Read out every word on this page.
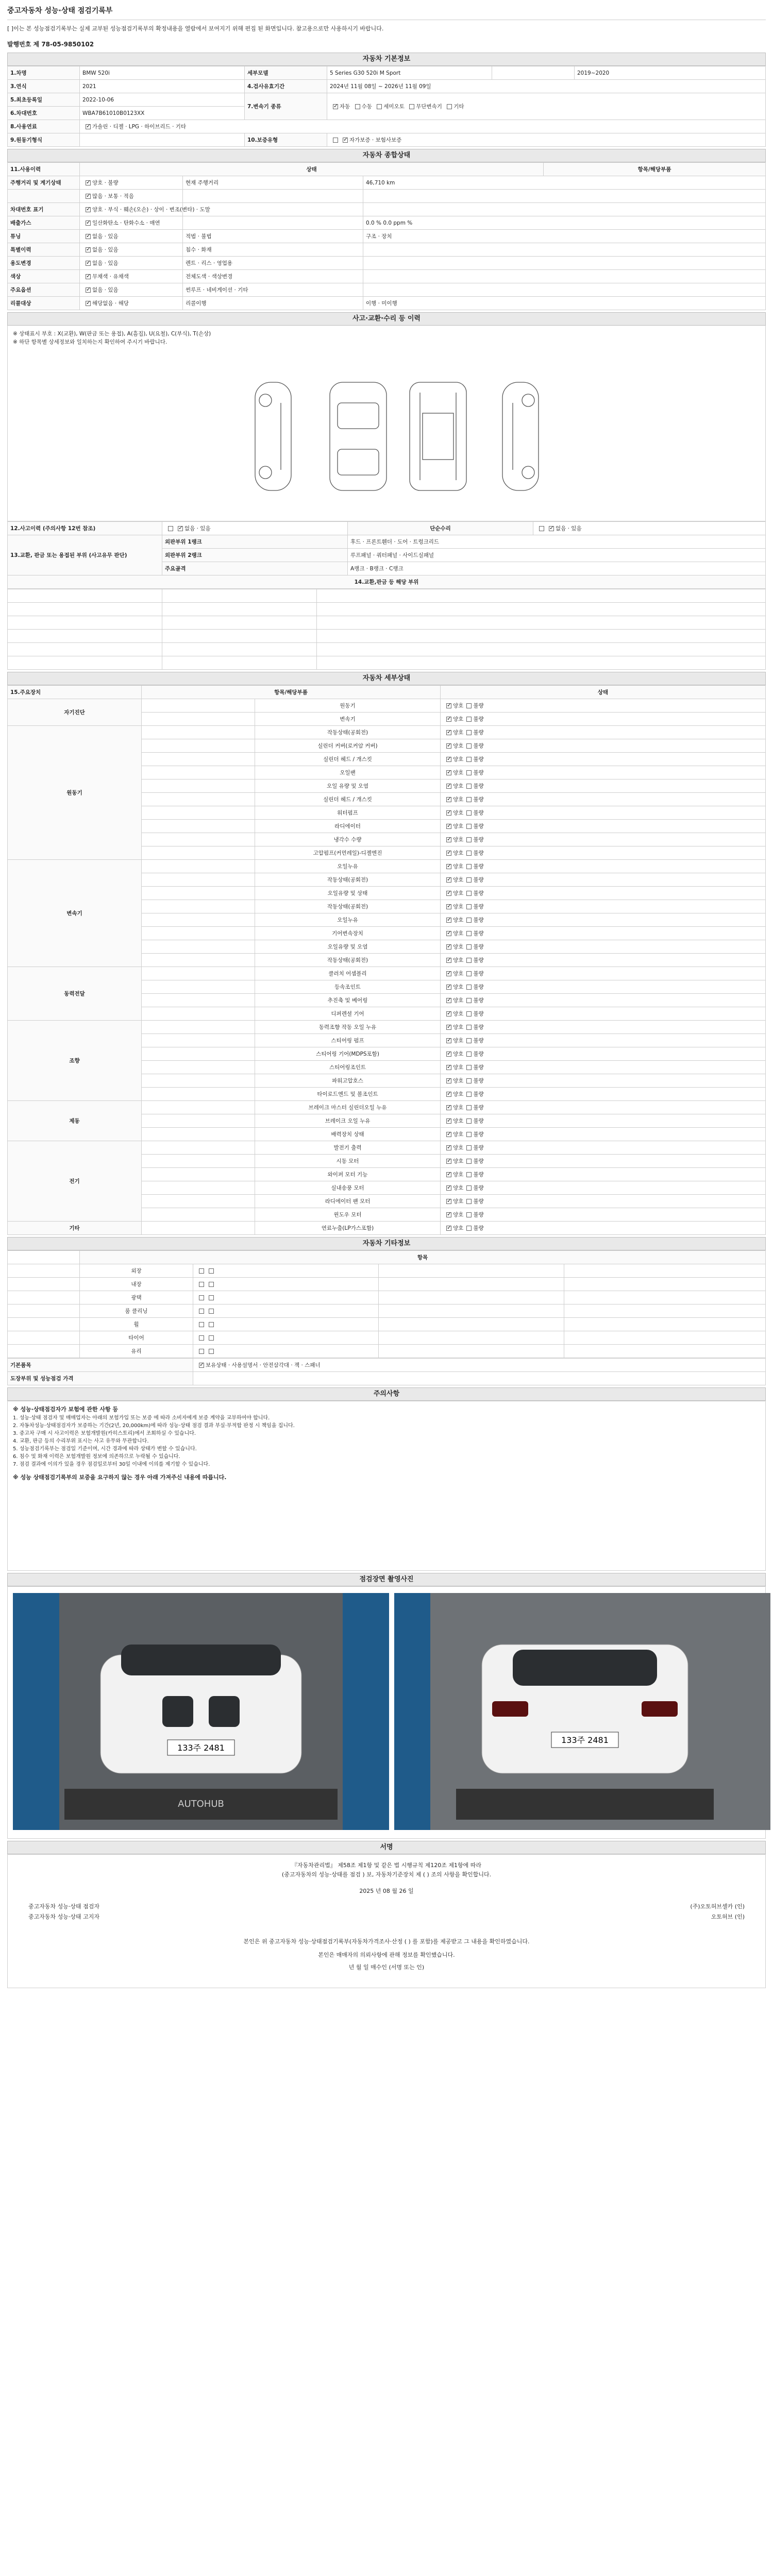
중고자동차 성능·상태 점검기록부
[ ]이는 본 성능점검기록부는 실제 교부된 성능점검기록부의 확정내용을 열람에서 보여지기 위해 편집 된 화면입니다. 참고용으로만 사용하시기 바랍니다.
발행번호 제 78-05-9850102
자동차 기본정보
1.차명	BMW 520i	세부모델	5 Series G30 520i M Sport		2019~2020
3.연식	2021	4.검사유효기간	2024년 11월 08일 ~ 2026년 11월 09일		
5.최초등록일	2022-10-06	7.변속기 종류	✓자동 수동 세미오토 무단변속기 기타
6.차대번호	WBA7B61010B0123XX				
8.사용연료	✓가솔린 · 디젤 · LPG · 하이브리드 · 기타
9.원동기형식		10.보증유형	✓자가보증 · 보험사보증
자동차 종합상태
11.사용이력	상태			항목/해당부품
주행거리 및 계기상태	✓양호 · 불량	현재 주행거리	46,710 km	
	✓많음 · 보통 · 적음		
차대번호 표기	✓양호 · 부식 · 훼손(오손) · 상이 · 변조(변타) · 도말		
배출가스	✓일산화탄소 · 탄화수소 · 매연		0.0 % 0.0 ppm %	
튜닝	✓없음 · 있음	적법 · 불법	구조 · 장치	
특별이력	✓없음 · 있음	침수 · 화재		
용도변경	✓없음 · 있음	렌트 · 리스 · 영업용		
색상	✓무채색 · 유채색	전체도색 · 색상변경		
주요옵션	✓없음 · 있음	썬루프 · 네비게이션 · 기타		
리콜대상	✓해당없음 · 해당	리콜이행	이행 · 미이행	
사고·교환·수리 등 이력
※ 상태표시 부호 : X(교환), W(판금 또는 용접), A(흠집), U(요철), C(부식), T(손상)
※ 하단 항목별 상세정보와 일치하는지 확인하여 주시기 바랍니다.
12.사고이력 (주의사항 12번 참조)	✓없음 · 있음	단순수리	✓없음 · 있음
13.교환, 판금 또는 용접된 부위 (사고유무 판단)	외판부위 1랭크	후드 · 프론트휀더 · 도어 · 트렁크리드	
	외판부위 2랭크	루프패널 · 쿼터패널 · 사이드실패널	
	주요골격	A랭크 · B랭크 · C랭크	
14.교환,판금 등 해당 부위			

자동차 세부상태
15.주요장치	항목/해당부품		상태
자기진단		원동기	✓양호 불량
		변속기	✓양호 불량
원동기		작동상태(공회전)	✓양호 불량
		실린더 커버(로커암 커버)	✓양호 불량
		실린더 헤드 / 개스킷	✓양호 불량
		오일팬	✓양호 불량
		오일 유량 및 오염	✓양호 불량
		실린더 헤드 / 개스킷	✓양호 불량
		워터펌프	✓양호 불량
		라디에이터	✓양호 불량
		냉각수 수량	✓양호 불량
		고압펌프(커먼레일)-디젤엔진	✓양호 불량
변속기		오일누유	✓양호 불량
		작동상태(공회전)	✓양호 불량
		오일유량 및 상태	✓양호 불량
		작동상태(공회전)	✓양호 불량
		오일누유	✓양호 불량
		기어변속장치	✓양호 불량
		오일유량 및 오염	✓양호 불량
		작동상태(공회전)	✓양호 불량
동력전달		클러치 어셈블리	✓양호 불량
		등속조인트	✓양호 불량
		추진축 및 베어링	✓양호 불량
		디퍼렌셜 기어	✓양호 불량
조향		동력조향 작동 오일 누유	✓양호 불량
		스티어링 펌프	✓양호 불량
		스티어링 기어(MDPS포함)	✓양호 불량
		스티어링조인트	✓양호 불량
		파워고압호스	✓양호 불량
		타이로드엔드 및 볼조인트	✓양호 불량
제동		브레이크 마스터 실린더오일 누유	✓양호 불량
		브레이크 오일 누유	✓양호 불량
		배력장치 상태	✓양호 불량
전기		발전기 출력	✓양호 불량
		시동 모터	✓양호 불량
		와이퍼 모터 기능	✓양호 불량
		실내송풍 모터	✓양호 불량
		라디에이터 팬 모터	✓양호 불량
		윈도우 모터	✓양호 불량
기타		연료누출(LP가스포함)	✓양호 불량
자동차 기타정보
	항목			
	외장			
	내장			
	광택			
	룸 클리닝			
	휠			
	타이어			
	유리			
기본품목	✓보유상태 · 사용설명서 · 안전삼각대 · 잭 · 스패너
도장부위 및 성능점검 가격	
주의사항
※ 성능·상태점검자가 보험에 관한 사항 등
1. 성능·상태 점검자 및 매매업자는 아래의 보험가입 또는 보증 에 따라 소비자에게 보증 계약을 교부하여야 합니다.
2. 자동차성능·상태점검자가 보증하는 기간(2년, 20,000km)에 따라 성능·상태 점검 결과 부실·부적합 판정 시 책임을 집니다.
3. 중고차 구매 시 사고이력은 보험개발원(카히스토리)에서 조회하실 수 있습니다.
4. 교환, 판금 등의 수리부위 표시는 사고 유무와 무관합니다.
5. 성능점검기록부는 점검일 기준이며, 시간 경과에 따라 상태가 변할 수 있습니다.
6. 침수 및 화재 이력은 보험개발원 정보에 의존하므로 누락될 수 있습니다.
7. 점검 결과에 이의가 있을 경우 점검일로부터 30일 이내에 이의를 제기할 수 있습니다.
※ 성능 상태점검기록부의 보증을 요구하지 않는 경우 아래 가져주신 내용에 따릅니다.
점검장면 촬영사진
133주 2481
AUTOHUB
133주 2481
서명
『자동차관리법』 제58조 제1항 및 같은 법 시행규칙 제120조 제1항에 따라
(중고자동차의 성능·상태를 점검 ) 보, 자동차기준장치 제 ( ) 조의 사항을 확인합니다.
2025 년 08 월 26 일
중고자동차 성능·상태 점검자
중고자동차 성능·상태 고지자
(주)오토허브셀카 (인)
오토허브 (인)
본인은 위 중고자동차 성능·상태점검기록부(자동차가격조사·산정 ( ) 를 포함)를 제공받고 그 내용을 확인하였습니다.
본인은 매매자의 의뢰사항에 관해 정보를 확인했습니다.
년 월 일 매수인 (서명 또는 인)
